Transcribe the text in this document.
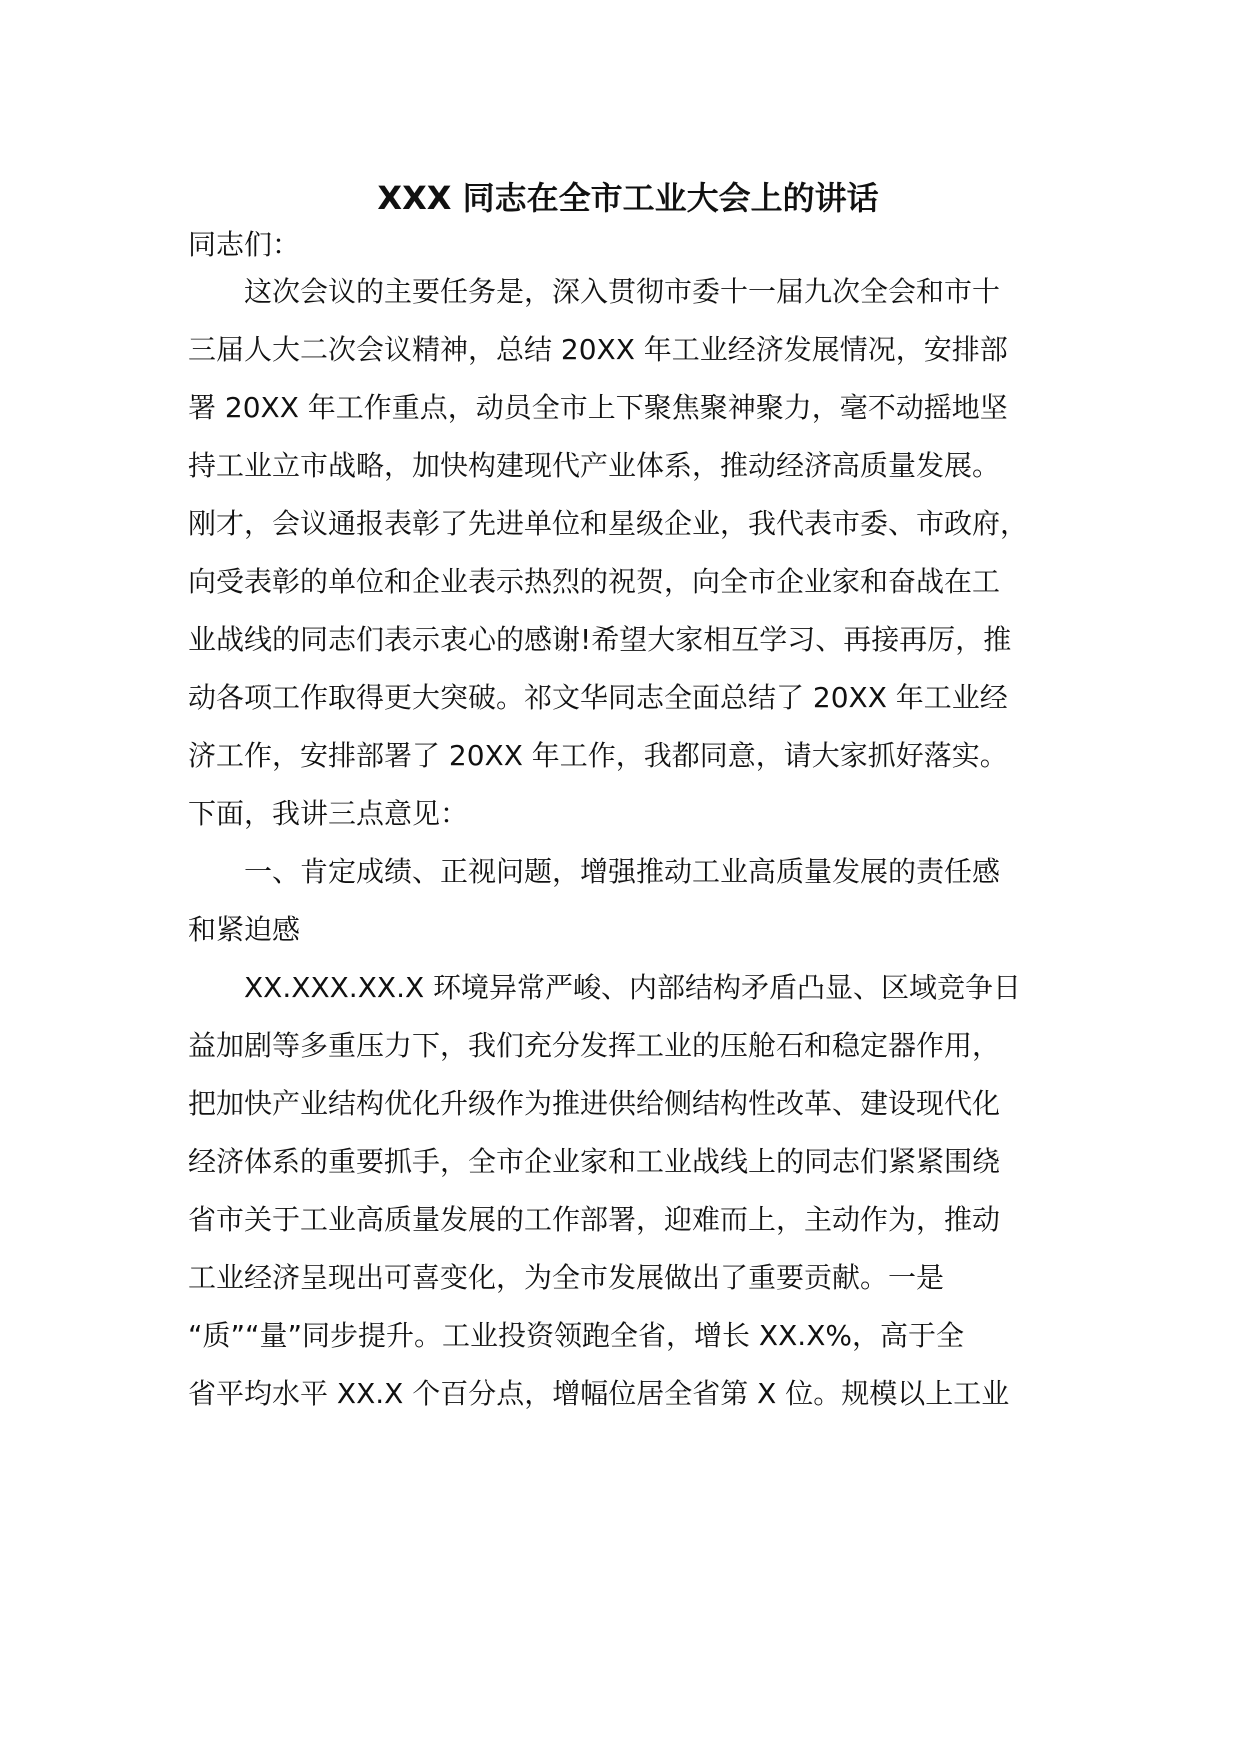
XXX 同志在全市工业大会上的讲话
同志们：
这次会议的主要任务是，深入贯彻市委十一届九次全会和市十
三届人大二次会议精神，总结 20XX 年工业经济发展情况，安排部
署 20XX 年工作重点，动员全市上下聚焦聚神聚力，毫不动摇地坚
持工业立市战略，加快构建现代产业体系，推动经济高质量发展。
刚才，会议通报表彰了先进单位和星级企业，我代表市委、市政府，
向受表彰的单位和企业表示热烈的祝贺，向全市企业家和奋战在工
业战线的同志们表示衷心的感谢!希望大家相互学习、再接再厉，推
动各项工作取得更大突破。祁文华同志全面总结了 20XX 年工业经
济工作，安排部署了 20XX 年工作，我都同意，请大家抓好落实。
下面，我讲三点意见：
一、肯定成绩、正视问题，增强推动工业高质量发展的责任感
和紧迫感
XX.XXX.XX.X 环境异常严峻、内部结构矛盾凸显、区域竞争日
益加剧等多重压力下，我们充分发挥工业的压舱石和稳定器作用，
把加快产业结构优化升级作为推进供给侧结构性改革、建设现代化
经济体系的重要抓手，全市企业家和工业战线上的同志们紧紧围绕
省市关于工业高质量发展的工作部署，迎难而上，主动作为，推动
工业经济呈现出可喜变化，为全市发展做出了重要贡献。一是
“质”“量”同步提升。工业投资领跑全省，增长 XX.X%，高于全
省平均水平 XX.X 个百分点，增幅位居全省第 X 位。规模以上工业
